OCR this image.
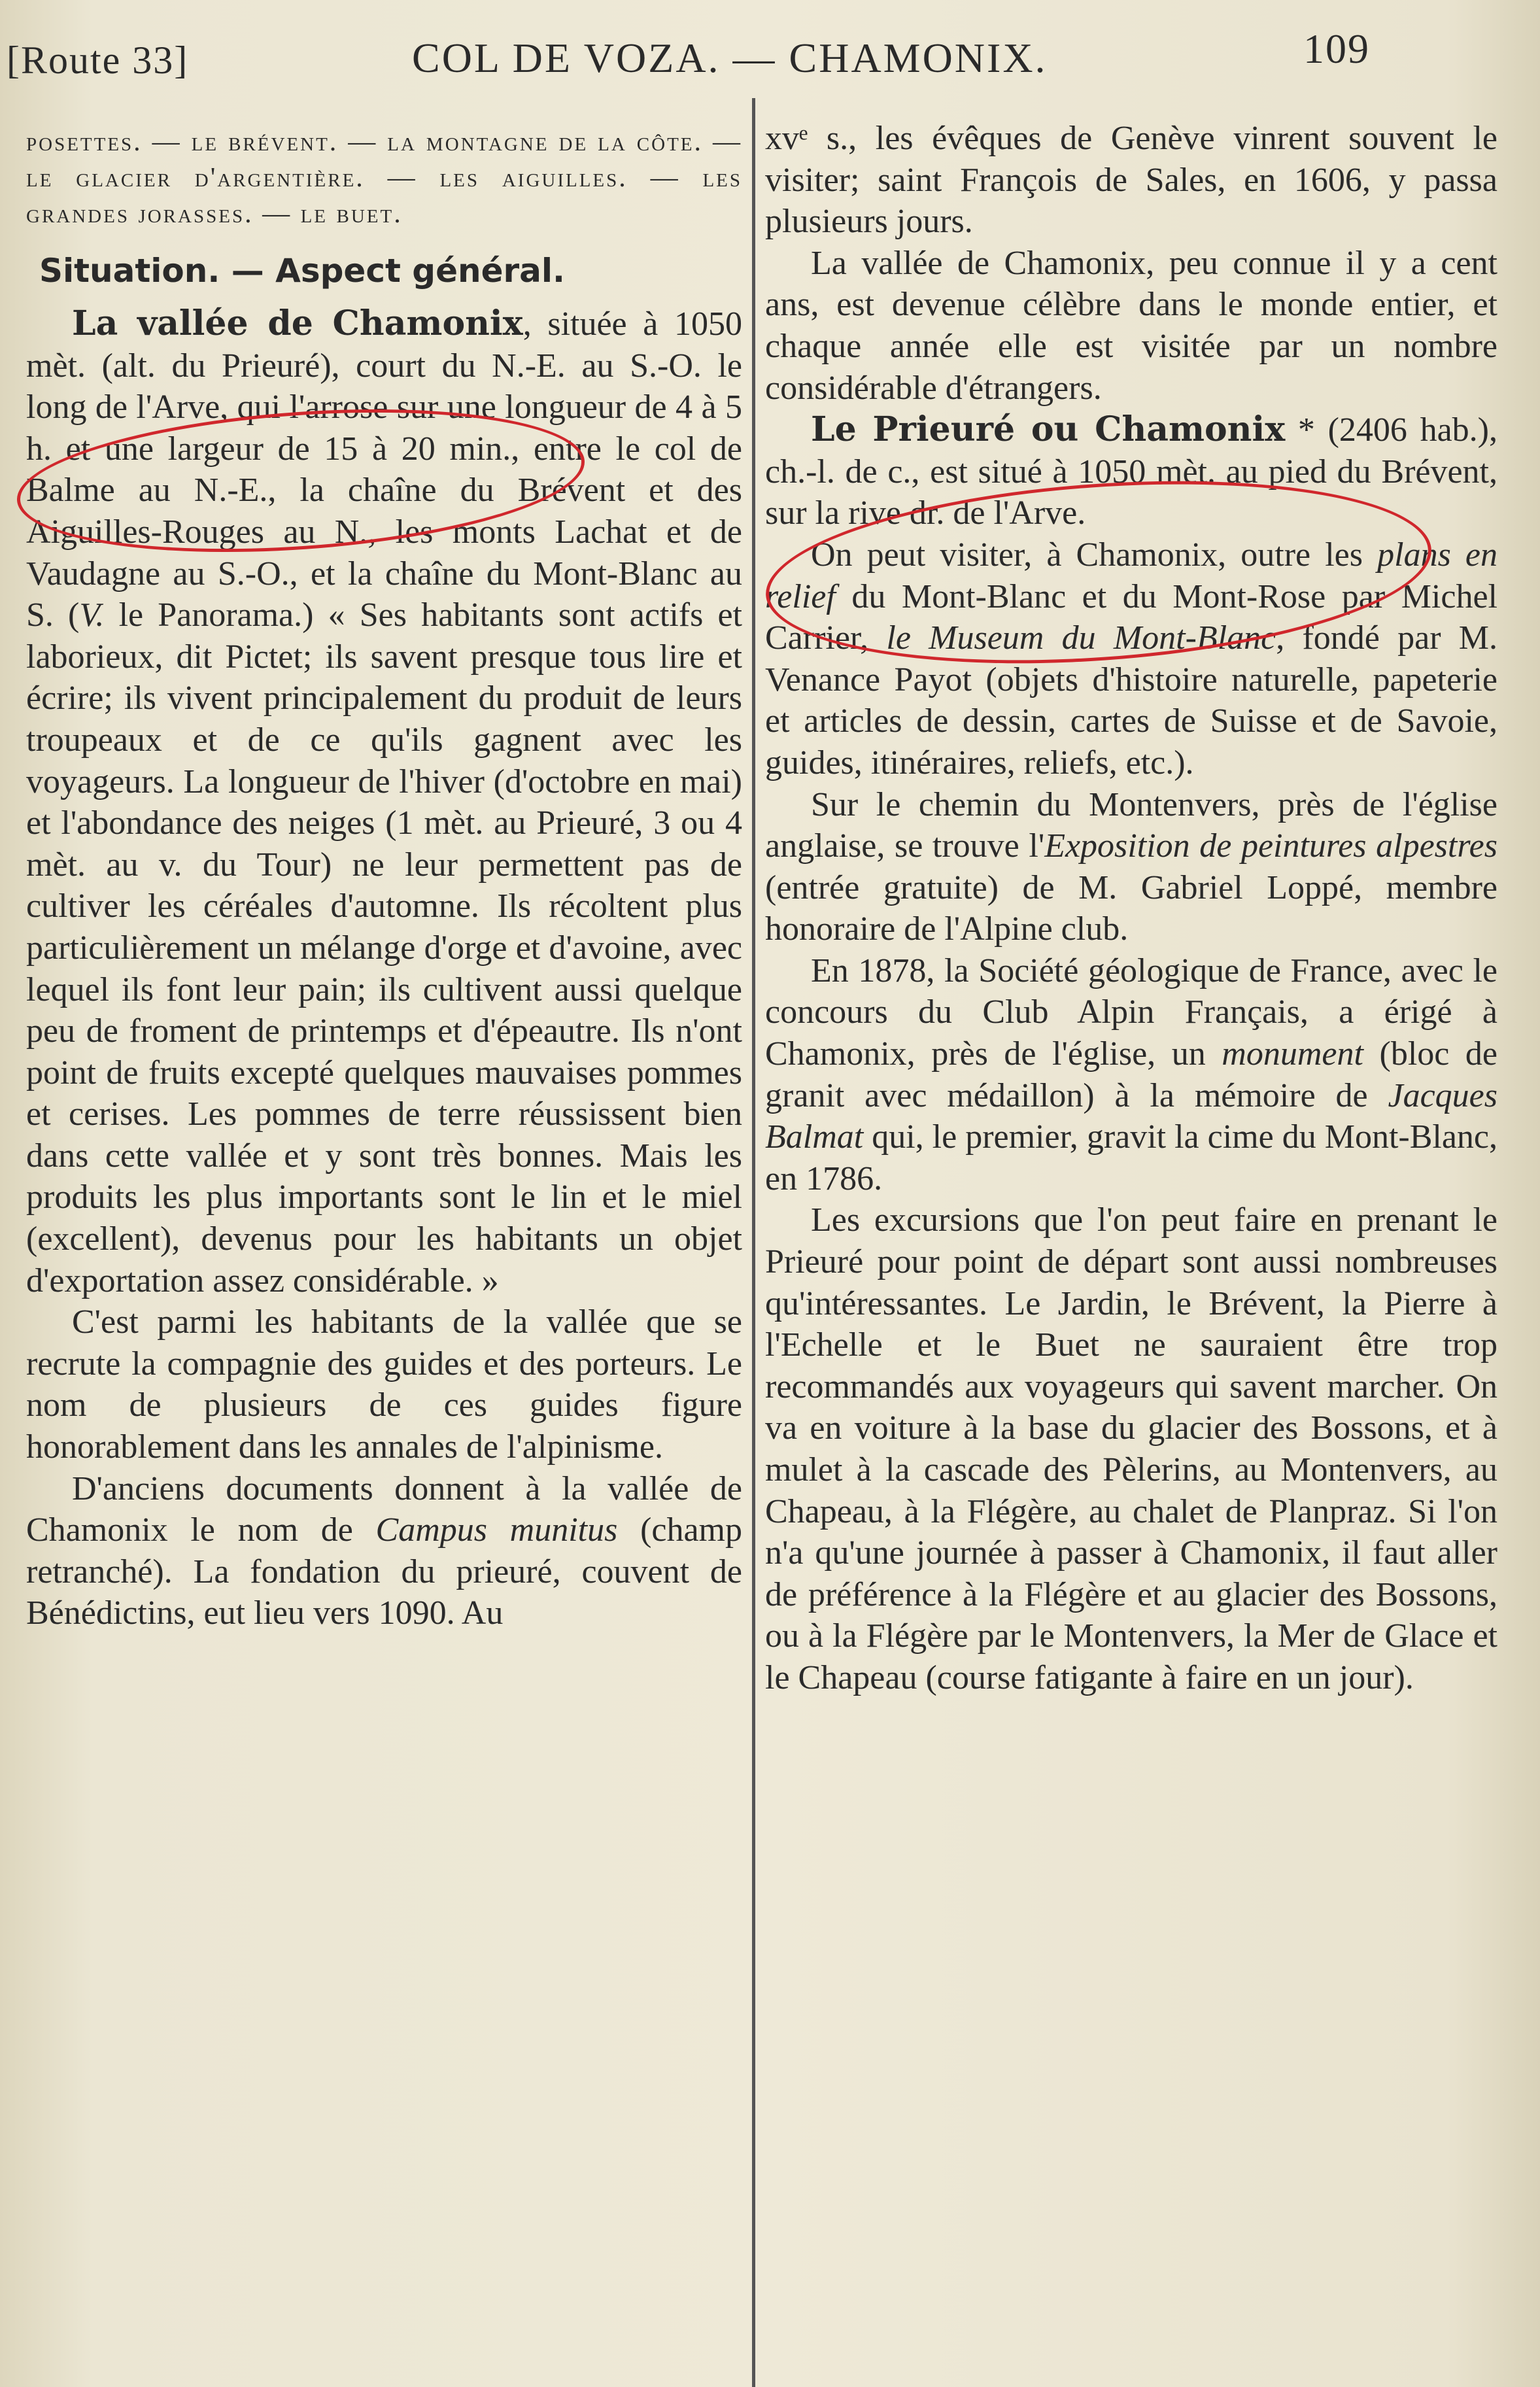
[Route 33]	COL DE VOZA. — CHAMONIX.	109

posettes. — le brévent. — la montagne de la côte. — le glacier d'argentière. — les aiguilles. — les grandes jorasses. — le buet.

Situation. — Aspect général.

La vallée de Chamonix, située à 1050 mèt. (alt. du Prieuré), court du N.-E. au S.-O. le long de l'Arve, qui l'arrose sur une longueur de 4 à 5 h. et une largeur de 15 à 20 min., entre le col de Balme au N.-E., la chaîne du Brévent et des Aiguilles-Rouges au N., les monts Lachat et de Vaudagne au S.-O., et la chaîne du Mont-Blanc au S. (V. le Panorama.) « Ses habitants sont actifs et laborieux, dit Pictet; ils savent presque tous lire et écrire; ils vivent principalement du produit de leurs troupeaux et de ce qu'ils gagnent avec les voyageurs. La longueur de l'hiver (d'octobre en mai) et l'abondance des neiges (1 mèt. au Prieuré, 3 ou 4 mèt. au v. du Tour) ne leur permettent pas de cultiver les céréales d'automne. Ils récoltent plus particulièrement un mélange d'orge et d'avoine, avec lequel ils font leur pain; ils cultivent aussi quelque peu de froment de printemps et d'épeautre. Ils n'ont point de fruits excepté quelques mauvaises pommes et cerises. Les pommes de terre réussissent bien dans cette vallée et y sont très bonnes. Mais les produits les plus importants sont le lin et le miel (excellent), devenus pour les habitants un objet d'exportation assez considérable. »

C'est parmi les habitants de la vallée que se recrute la compagnie des guides et des porteurs. Le nom de plusieurs de ces guides figure honorablement dans les annales de l'alpinisme.

D'anciens documents donnent à la vallée de Chamonix le nom de Campus munitus (champ retranché). La fondation du prieuré, couvent de Bénédictins, eut lieu vers 1090. Au

xvᵉ s., les évêques de Genève vinrent souvent le visiter; saint François de Sales, en 1606, y passa plusieurs jours.

La vallée de Chamonix, peu connue il y a cent ans, est devenue célèbre dans le monde entier, et chaque année elle est visitée par un nombre considérable d'étrangers.

Le Prieuré ou Chamonix * (2406 hab.), ch.-l. de c., est situé à 1050 mèt. au pied du Brévent, sur la rive dr. de l'Arve.

On peut visiter, à Chamonix, outre les plans en relief du Mont-Blanc et du Mont-Rose par Michel Carrier, le Museum du Mont-Blanc, fondé par M. Venance Payot (objets d'histoire naturelle, papeterie et articles de dessin, cartes de Suisse et de Savoie, guides, itinéraires, reliefs, etc.).

Sur le chemin du Montenvers, près de l'église anglaise, se trouve l'Exposition de peintures alpestres (entrée gratuite) de M. Gabriel Loppé, membre honoraire de l'Alpine club.

En 1878, la Société géologique de France, avec le concours du Club Alpin Français, a érigé à Chamonix, près de l'église, un monument (bloc de granit avec médaillon) à la mémoire de Jacques Balmat qui, le premier, gravit la cime du Mont-Blanc, en 1786.

Les excursions que l'on peut faire en prenant le Prieuré pour point de départ sont aussi nombreuses qu'intéressantes. Le Jardin, le Brévent, la Pierre à l'Echelle et le Buet ne sauraient être trop recommandés aux voyageurs qui savent marcher. On va en voiture à la base du glacier des Bossons, et à mulet à la cascade des Pèlerins, au Montenvers, au Chapeau, à la Flégère, au chalet de Planpraz. Si l'on n'a qu'une journée à passer à Chamonix, il faut aller de préférence à la Flégère et au glacier des Bossons, ou à la Flégère par le Montenvers, la Mer de Glace et le Chapeau (course fatigante à faire en un jour).
